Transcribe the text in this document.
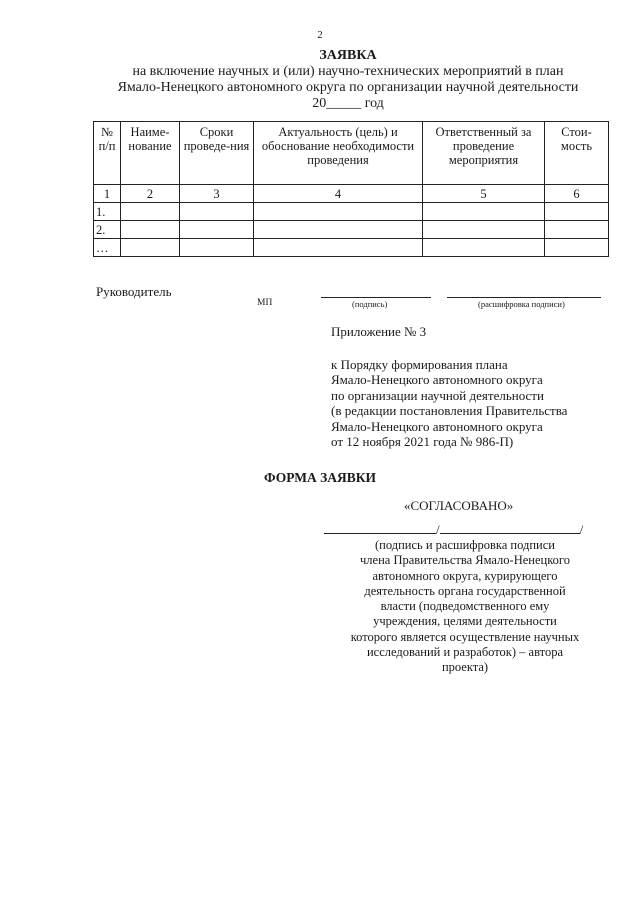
2
ЗАЯВКА
на включение научных и (или) научно-технических мероприятий в план
Ямало-Ненецкого автономного округа по организации научной деятельности
20_____ год
№ п/п	Наиме-нование	Сроки проведе-ния	Актуальность (цель) и обоснование необходимости проведения	Ответственный за проведение мероприятия	Стои-мость
1	2	3	4	5	6
1.					
2.					
…					
Руководитель
МП	(подпись)	(расшифровка подписи)
Приложение № 3
к Порядку формирования плана
Ямало-Ненецкого автономного округа
по организации научной деятельности
(в редакции постановления Правительства
Ямало-Ненецкого автономного округа
от 12 ноября 2021 года № 986-П)
ФОРМА ЗАЯВКИ
«СОГЛАСОВАНО»
/	/
(подпись и расшифровка подписи
члена Правительства Ямало-Ненецкого
автономного округа, курирующего
деятельность органа государственной
власти (подведомственного ему
учреждения, целями деятельности
которого является осуществление научных
исследований и разработок) – автора
проекта)
